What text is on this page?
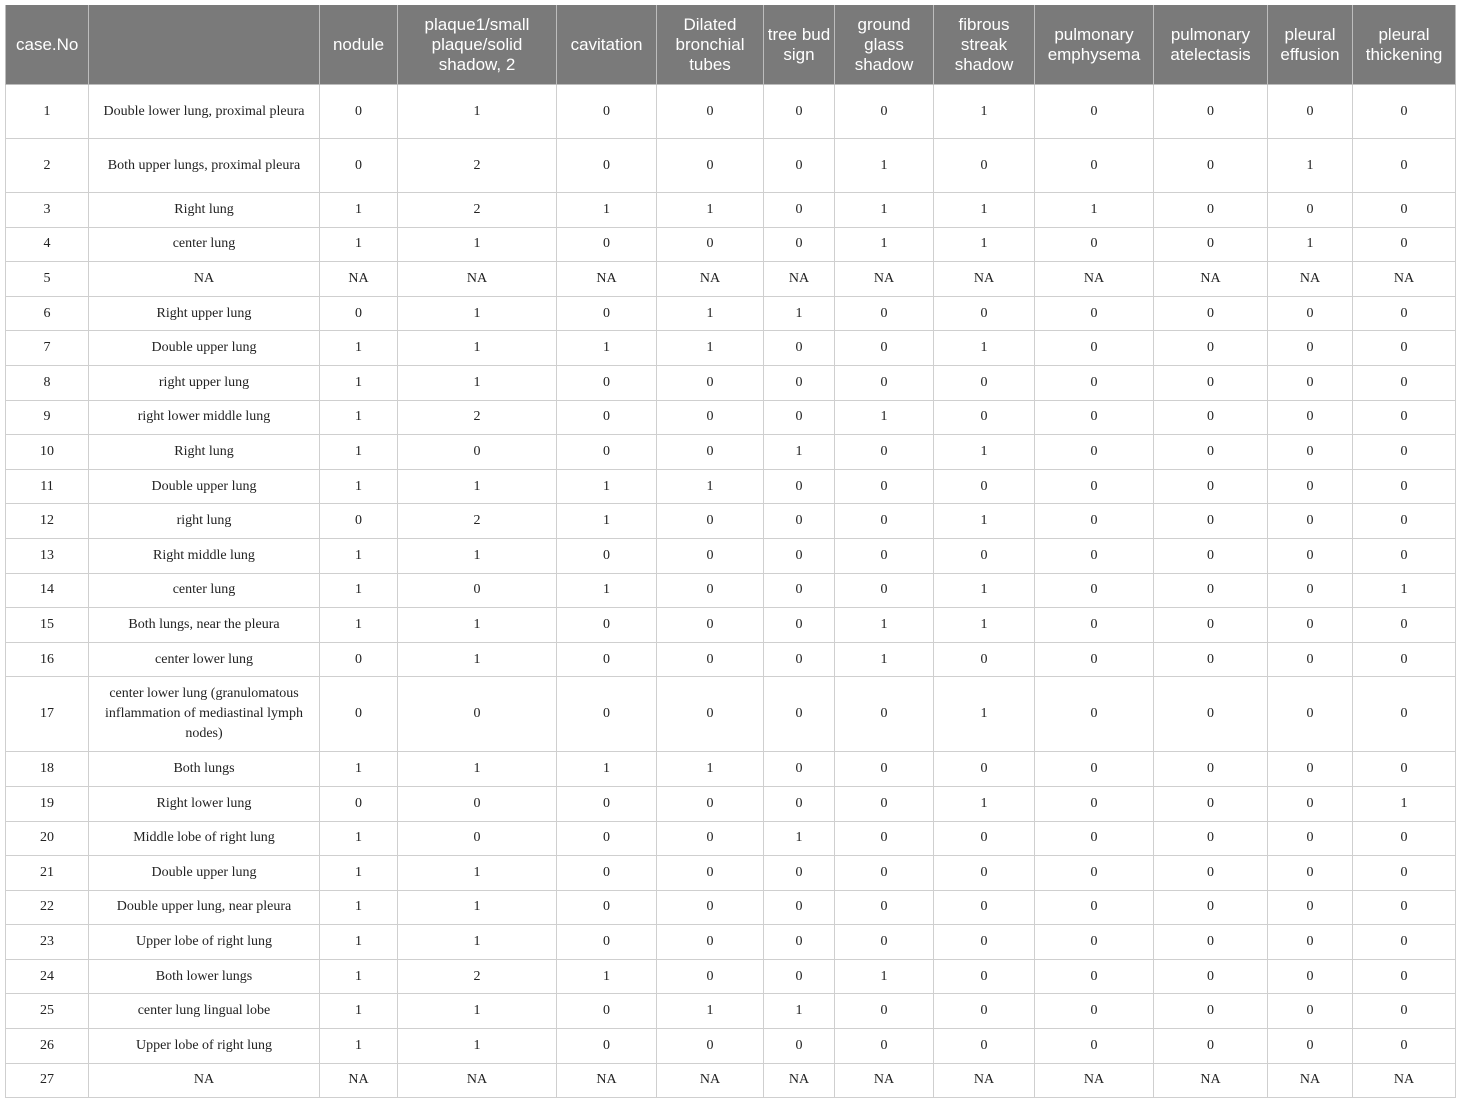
case.No		nodule	plaque1/small plaque/solid shadow, 2	cavitation	Dilated bronchial tubes	tree bud sign	ground glass shadow	fibrous streak shadow	pulmonary emphysema	pulmonary atelectasis	pleural effusion	pleural thickening
1	Double lower lung, proximal pleura	0	1	0	0	0	0	1	0	0	0	0
2	Both upper lungs, proximal pleura	0	2	0	0	0	1	0	0	0	1	0
3	Right lung	1	2	1	1	0	1	1	1	0	0	0
4	center lung	1	1	0	0	0	1	1	0	0	1	0
5	NA	NA	NA	NA	NA	NA	NA	NA	NA	NA	NA	NA
6	Right upper lung	0	1	0	1	1	0	0	0	0	0	0
7	Double upper lung	1	1	1	1	0	0	1	0	0	0	0
8	right upper lung	1	1	0	0	0	0	0	0	0	0	0
9	right lower middle lung	1	2	0	0	0	1	0	0	0	0	0
10	Right lung	1	0	0	0	1	0	1	0	0	0	0
11	Double upper lung	1	1	1	1	0	0	0	0	0	0	0
12	right lung	0	2	1	0	0	0	1	0	0	0	0
13	Right middle lung	1	1	0	0	0	0	0	0	0	0	0
14	center lung	1	0	1	0	0	0	1	0	0	0	1
15	Both lungs, near the pleura	1	1	0	0	0	1	1	0	0	0	0
16	center lower lung	0	1	0	0	0	1	0	0	0	0	0
17	center lower lung (granulomatous inflammation of mediastinal lymph nodes)	0	0	0	0	0	0	1	0	0	0	0
18	Both lungs	1	1	1	1	0	0	0	0	0	0	0
19	Right lower lung	0	0	0	0	0	0	1	0	0	0	1
20	Middle lobe of right lung	1	0	0	0	1	0	0	0	0	0	0
21	Double upper lung	1	1	0	0	0	0	0	0	0	0	0
22	Double upper lung, near pleura	1	1	0	0	0	0	0	0	0	0	0
23	Upper lobe of right lung	1	1	0	0	0	0	0	0	0	0	0
24	Both lower lungs	1	2	1	0	0	1	0	0	0	0	0
25	center lung lingual lobe	1	1	0	1	1	0	0	0	0	0	0
26	Upper lobe of right lung	1	1	0	0	0	0	0	0	0	0	0
27	NA	NA	NA	NA	NA	NA	NA	NA	NA	NA	NA	NA
